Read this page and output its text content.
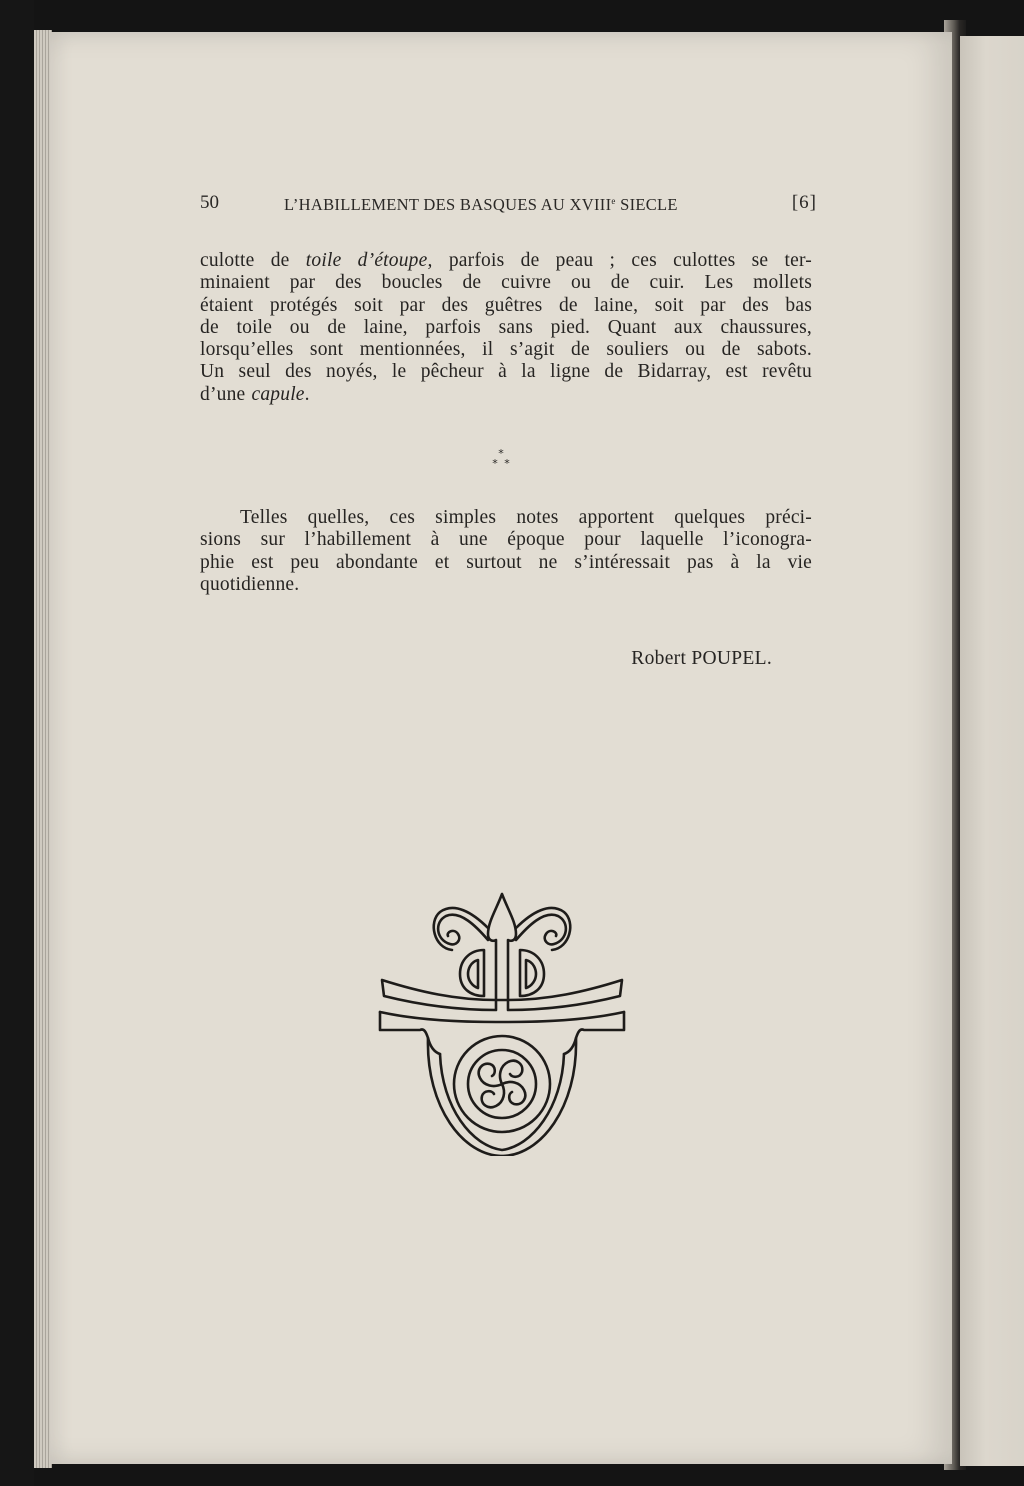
50	L’HABILLEMENT DES BASQUES AU XVIIIe SIECLE	[6]
culotte de toile d’étoupe, parfois de peau ; ces culottes se ter-
minaient par des boucles de cuivre ou de cuir. Les mollets
étaient protégés soit par des guêtres de laine, soit par des bas
de toile ou de laine, parfois sans pied. Quant aux chaussures,
lorsqu’elles sont mentionnées, il s’agit de souliers ou de sabots.
Un seul des noyés, le pêcheur à la ligne de Bidarray, est revêtu
d’une capule.
*
* *
Telles quelles, ces simples notes apportent quelques préci-
sions sur l’habillement à une époque pour laquelle l’iconogra-
phie est peu abondante et surtout ne s’intéressait pas à la vie
quotidienne.
Robert POUPEL.
